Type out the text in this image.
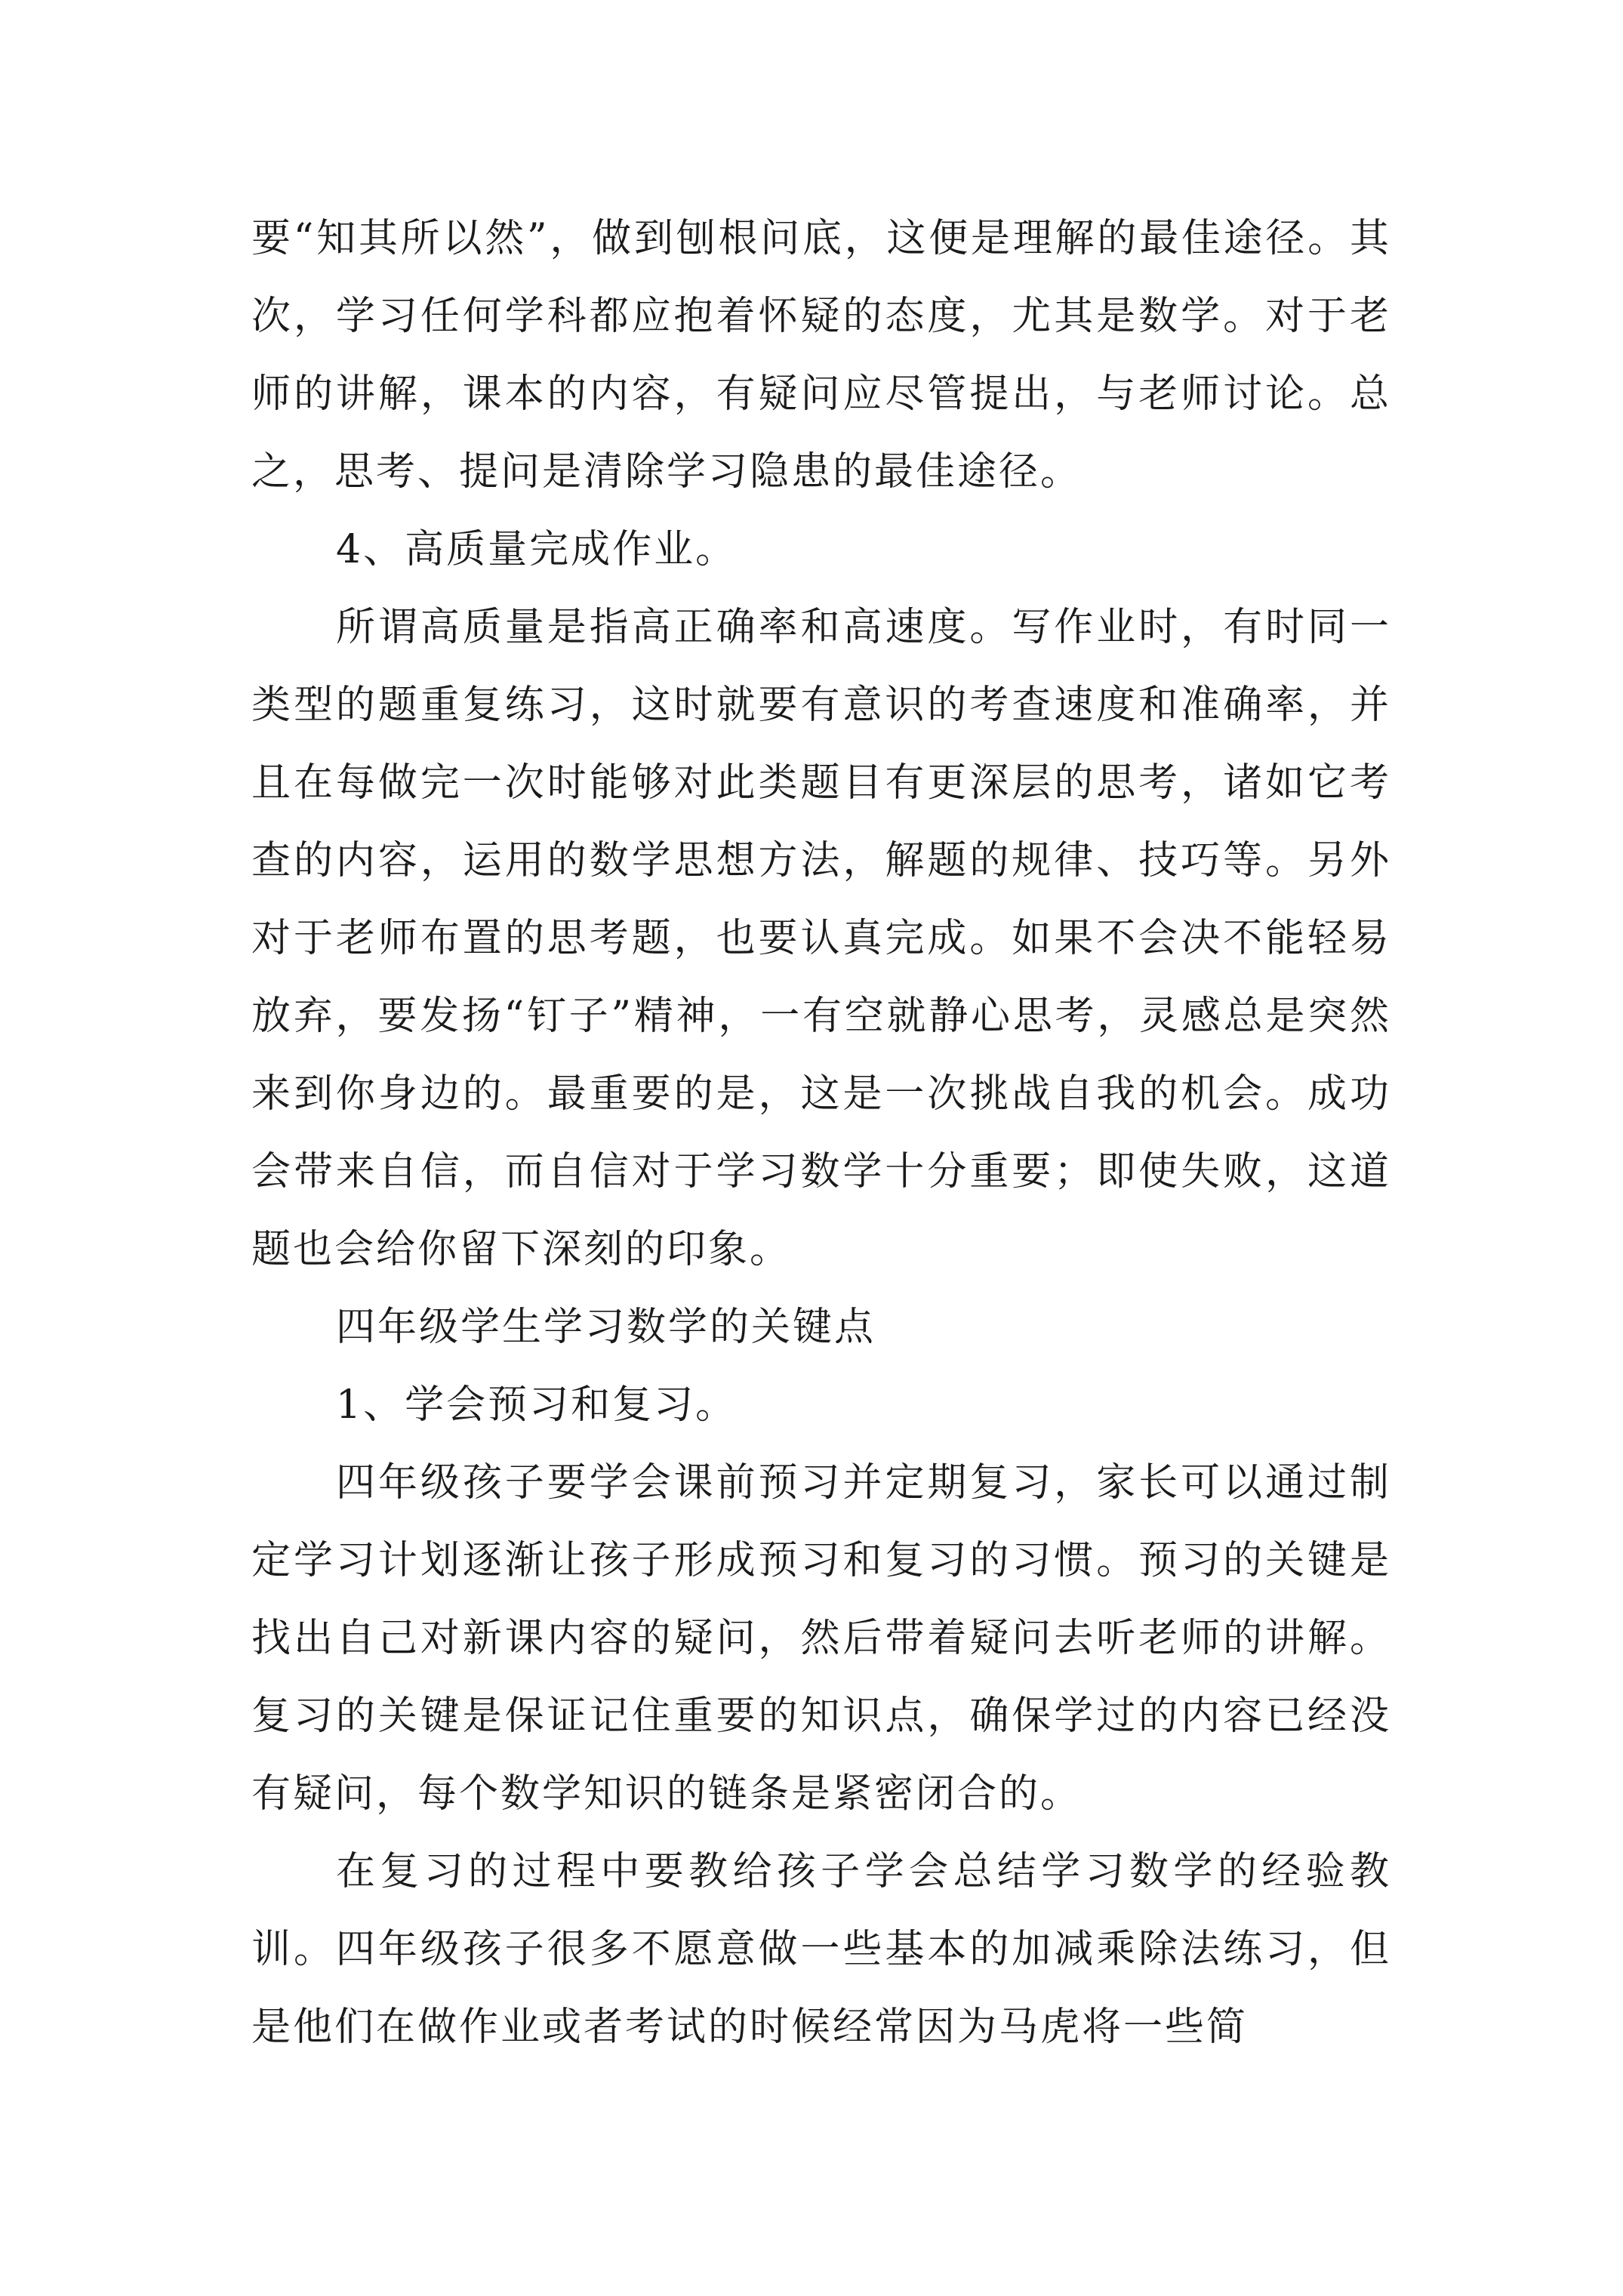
要“知其所以然”，做到刨根问底，这便是理解的最佳途径。其次，学习任何学科都应抱着怀疑的态度，尤其是数学。对于老师的讲解，课本的内容，有疑问应尽管提出，与老师讨论。总之，思考、提问是清除学习隐患的最佳途径。

4、高质量完成作业。

所谓高质量是指高正确率和高速度。写作业时，有时同一类型的题重复练习，这时就要有意识的考查速度和准确率，并且在每做完一次时能够对此类题目有更深层的思考，诸如它考查的内容，运用的数学思想方法，解题的规律、技巧等。另外对于老师布置的思考题，也要认真完成。如果不会决不能轻易放弃，要发扬“钉子”精神，一有空就静心思考，灵感总是突然来到你身边的。最重要的是，这是一次挑战自我的机会。成功会带来自信，而自信对于学习数学十分重要；即使失败，这道题也会给你留下深刻的印象。

四年级学生学习数学的关键点

1、学会预习和复习。

四年级孩子要学会课前预习并定期复习，家长可以通过制定学习计划逐渐让孩子形成预习和复习的习惯。预习的关键是找出自己对新课内容的疑问，然后带着疑问去听老师的讲解。复习的关键是保证记住重要的知识点，确保学过的内容已经没有疑问，每个数学知识的链条是紧密闭合的。

在复习的过程中要教给孩子学会总结学习数学的经验教训。四年级孩子很多不愿意做一些基本的加减乘除法练习，但是他们在做作业或者考试的时候经常因为马虎将一些简
